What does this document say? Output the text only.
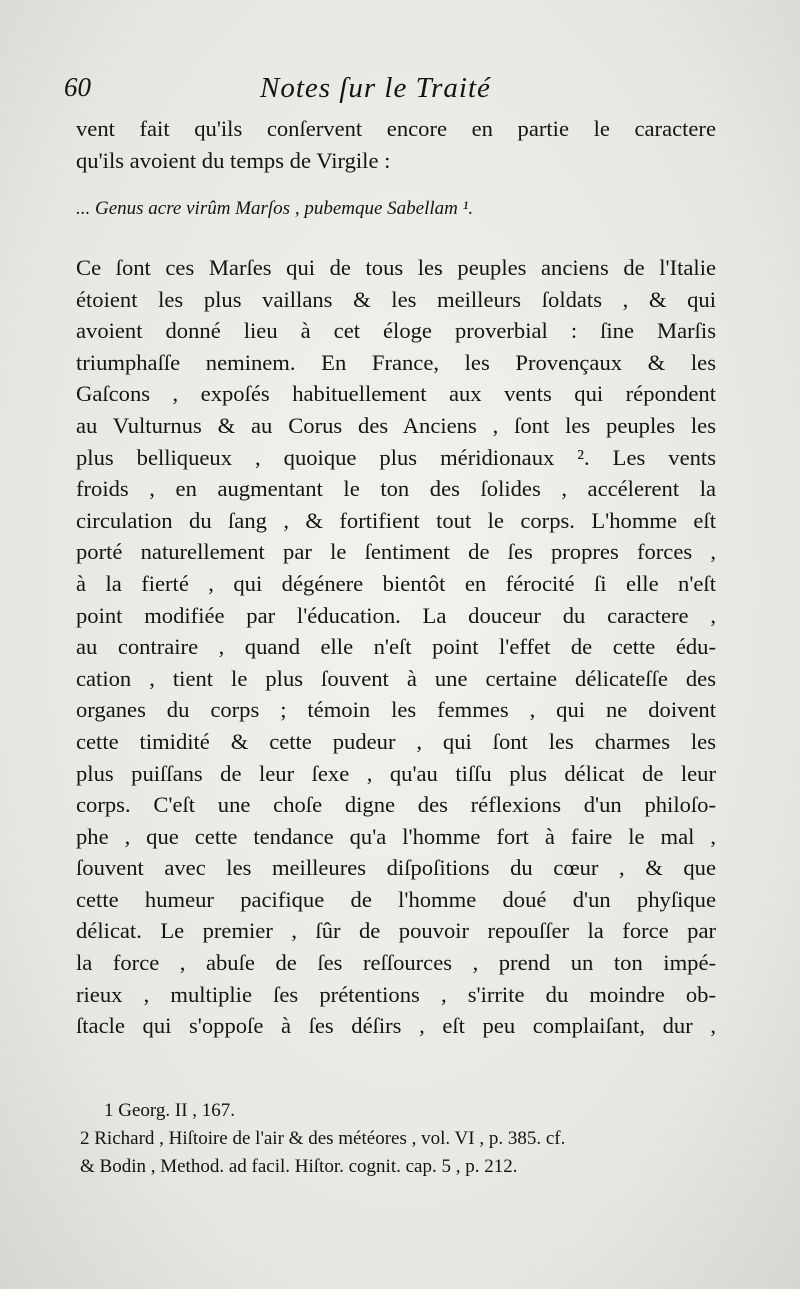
60	Notes ſur le Traité
vent fait qu'ils conſervent encore en partie le caractere
qu'ils avoient du temps de Virgile :
... Genus acre virûm Marſos , pubemque Sabellam ¹.
Ce ſont ces Marſes qui de tous les peuples anciens de l'Italie
étoient les plus vaillans & les meilleurs ſoldats , & qui
avoient donné lieu à cet éloge proverbial : ſine Marſis
triumphaſſe neminem. En France, les Provençaux & les
Gaſcons , expoſés habituellement aux vents qui répondent
au Vulturnus & au Corus des Anciens , ſont les peuples les
plus belliqueux , quoique plus méridionaux ². Les vents
froids , en augmentant le ton des ſolides , accélerent la
circulation du ſang , & fortifient tout le corps. L'homme eſt
porté naturellement par le ſentiment de ſes propres forces ,
à la fierté , qui dégénere bientôt en férocité ſi elle n'eſt
point modifiée par l'éducation. La douceur du caractere ,
au contraire , quand elle n'eſt point l'effet de cette édu-
cation , tient le plus ſouvent à une certaine délicateſſe des
organes du corps ; témoin les femmes , qui ne doivent
cette timidité & cette pudeur , qui ſont les charmes les
plus puiſſans de leur ſexe , qu'au tiſſu plus délicat de leur
corps. C'eſt une choſe digne des réflexions d'un philoſo-
phe , que cette tendance qu'a l'homme fort à faire le mal ,
ſouvent avec les meilleures diſpoſitions du cœur , & que
cette humeur pacifique de l'homme doué d'un phyſique
délicat. Le premier , ſûr de pouvoir repouſſer la force par
la force , abuſe de ſes reſſources , prend un ton impé-
rieux , multiplie ſes prétentions , s'irrite du moindre ob-
ſtacle qui s'oppoſe à ſes déſirs , eſt peu complaiſant, dur ,
1 Georg. II , 167.
2 Richard , Hiſtoire de l'air & des météores , vol. VI , p. 385. cf.
& Bodin , Method. ad facil. Hiſtor. cognit. cap. 5 , p. 212.
